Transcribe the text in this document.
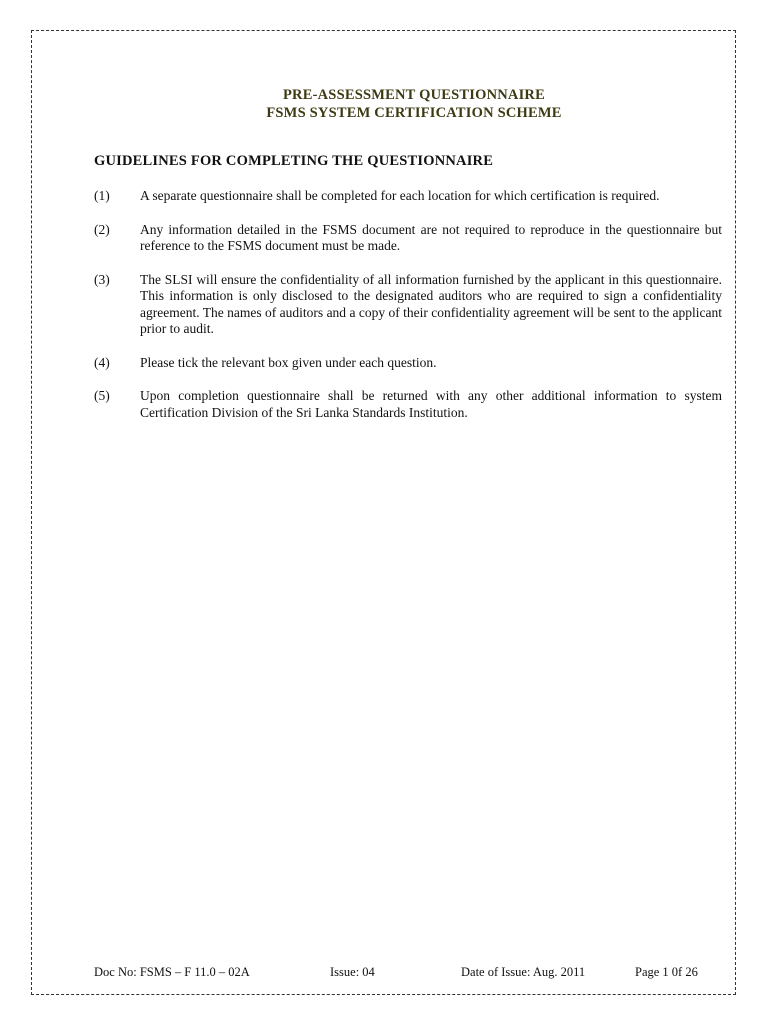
PRE-ASSESSMENT QUESTIONNAIRE
FSMS SYSTEM CERTIFICATION SCHEME
GUIDELINES FOR COMPLETING THE QUESTIONNAIRE
(1)	A separate questionnaire shall be completed for each location for which certification is required.
(2)	Any information detailed in the FSMS document are not required to reproduce in the questionnaire but reference to the FSMS document must be made.
(3)	The SLSI will ensure the confidentiality of all information furnished by the applicant in this questionnaire. This information is only disclosed to the designated auditors who are required to sign a confidentiality agreement. The names of auditors and a copy of their confidentiality agreement will be sent to the applicant prior to audit.
(4)	Please tick the relevant box given under each question.
(5)	Upon completion questionnaire shall be returned with any other additional information to system Certification Division of the Sri Lanka Standards Institution.
Doc No: FSMS – F 11.0 – 02A	Issue: 04	Date of Issue: Aug. 2011	Page 1 0f 26
